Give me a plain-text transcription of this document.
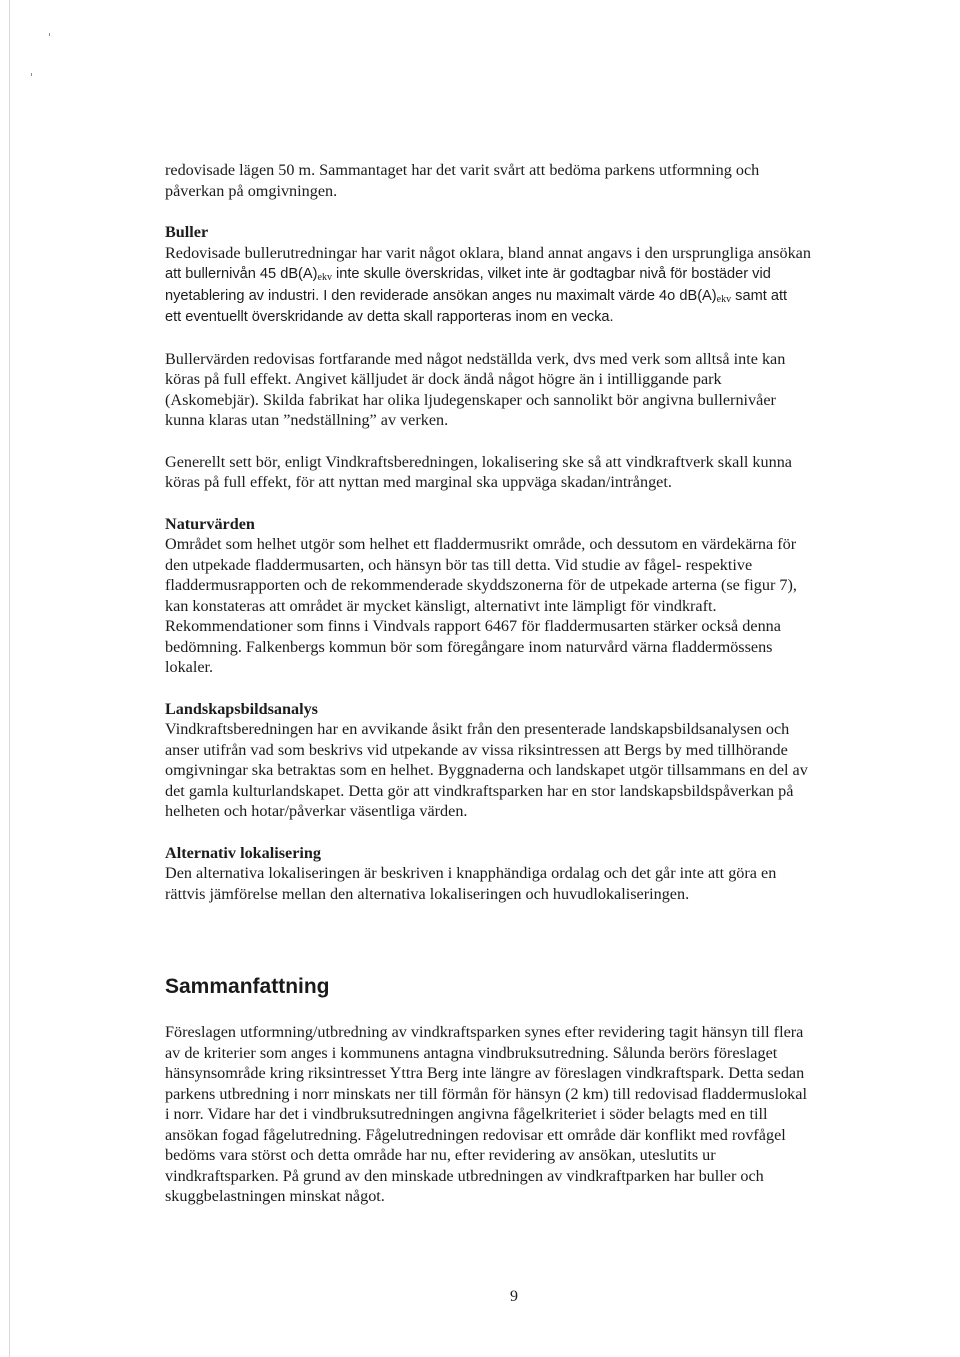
redovisade lägen 50 m. Sammantaget har det varit svårt att bedöma parkens utformning och
påverkan på omgivningen.

Buller
Redovisade bullerutredningar har varit något oklara, bland annat angavs i den ursprungliga ansökan
att bullernivån 45 $dB(A)_{ekv}$ inte skulle överskridas, vilket inte är godtagbar nivå för bostäder vid
nyetablering av industri. I den reviderade ansökan anges nu maximalt värde 4o $dB(A)_{ekv}$ samt att
ett eventuellt överskridande av detta skall rapporteras inom en vecka.

Bullervärden redovisas fortfarande med något nedställda verk, dvs med verk som alltså inte kan
köras på full effekt. Angivet källjudet är dock ändå något högre än i intilliggande park
(Askomebjär). Skilda fabrikat har olika ljudegenskaper och sannolikt bör angivna bullernivåer
kunna klaras utan ”nedställning” av verken.

Generellt sett bör, enligt Vindkraftsberedningen, lokalisering ske så att vindkraftverk skall kunna
köras på full effekt, för att nyttan med marginal ska uppväga skadan/intrånget.

Naturvärden
Området som helhet utgör som helhet ett fladdermusrikt område, och dessutom en värdekärna för
den utpekade fladdermusarten, och hänsyn bör tas till detta. Vid studie av fågel- respektive
fladdermusrapporten och de rekommenderade skyddszonerna för de utpekade arterna (se figur 7),
kan konstateras att området är mycket känsligt, alternativt inte lämpligt för vindkraft.
Rekommendationer som finns i Vindvals rapport 6467 för fladdermusarten stärker också denna
bedömning. Falkenbergs kommun bör som föregångare inom naturvård värna fladdermössens
lokaler.
Landskapsbildsanalys
Vindkraftsberedningen har en avvikande åsikt från den presenterade landskapsbildsanalysen och
anser utifrån vad som beskrivs vid utpekande av vissa riksintressen att Bergs by med tillhörande
omgivningar ska betraktas som en helhet. Byggnaderna och landskapet utgör tillsammans en del av
det gamla kulturlandskapet. Detta gör att vindkraftsparken har en stor landskapsbildspåverkan på
helheten och hotar/påverkar väsentliga värden.
Alternativ lokalisering
Den alternativa lokaliseringen är beskriven i knapphändiga ordalag och det går inte att göra en
rättvis jämförelse mellan den alternativa lokaliseringen och huvudlokaliseringen.
Sammanfattning

Föreslagen utformning/utbredning av vindkraftsparken synes efter revidering tagit hänsyn till flera
av de kriterier som anges i kommunens antagna vindbruksutredning. Sålunda berörs föreslaget
hänsynsområde kring riksintresset Yttra Berg inte längre av föreslagen vindkraftspark. Detta sedan
parkens utbredning i norr minskats ner till förmån för hänsyn (2 km) till redovisad fladdermuslokal
i norr. Vidare har det i vindbruksutredningen angivna fågelkriteriet i söder belagts med en till
ansökan fogad fågelutredning. Fågelutredningen redovisar ett område där konflikt med rovfågel
bedöms vara störst och detta område har nu, efter revidering av ansökan, uteslutits ur
vindkraftsparken. På grund av den minskade utbredningen av vindkraftparken har buller och
skuggbelastningen minskat något.

9
